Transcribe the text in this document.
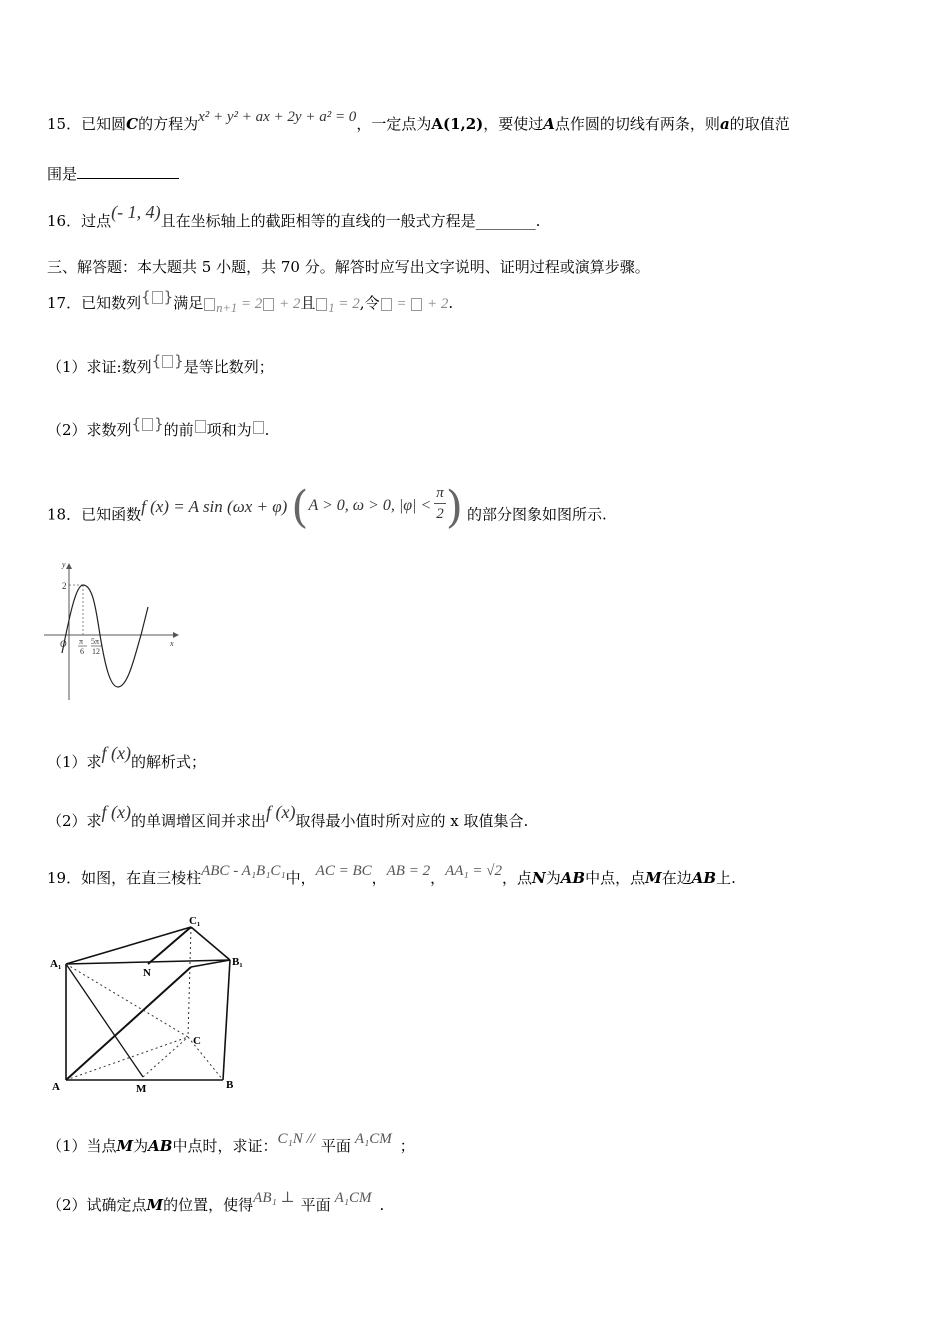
15．已知圆C的方程为x² + y² + ax + 2y + a² = 0，一定点为A(1,2)，要使过A点作圆的切线有两条，则a的取值范
围是
16．过点(- 1, 4)且在坐标轴上的截距相等的直线的一般式方程是________.
三、解答题：本大题共 5 小题，共 70 分。解答时应写出文字说明、证明过程或演算步骤。
17．已知数列{ }满足 $_{n+1}$ = 2 + 2且 $_1$ = 2,令 = + 2.
（1）求证:数列{ }是等比数列；
（2）求数列{ }的前 项和为 .
18．已知函数f (x) = A sin (ωx + φ)(A > 0, ω > 0, $|\varphi| < \frac{\pi}{2}$ ) 的部分图象如图所示.
y
x
O
2
π
6
5π
12
（1）求f (x)的解析式；
（2）求f (x)的单调增区间并求出f (x)取得最小值时所对应的 x 取值集合.
19．如图，在直三棱柱ABC - A₁B₁C₁中，AC = BC，AB = 2，AA₁ = √2，点N为AB中点，点M在边AB上.
C₁
A₁	B₁
N
C
A	M	B
（1）当点M为AB中点时，求证：C₁N // 平面 A₁CM ；
（2）试确定点M的位置，使得AB₁ ⊥ 平面 A₁CM .
